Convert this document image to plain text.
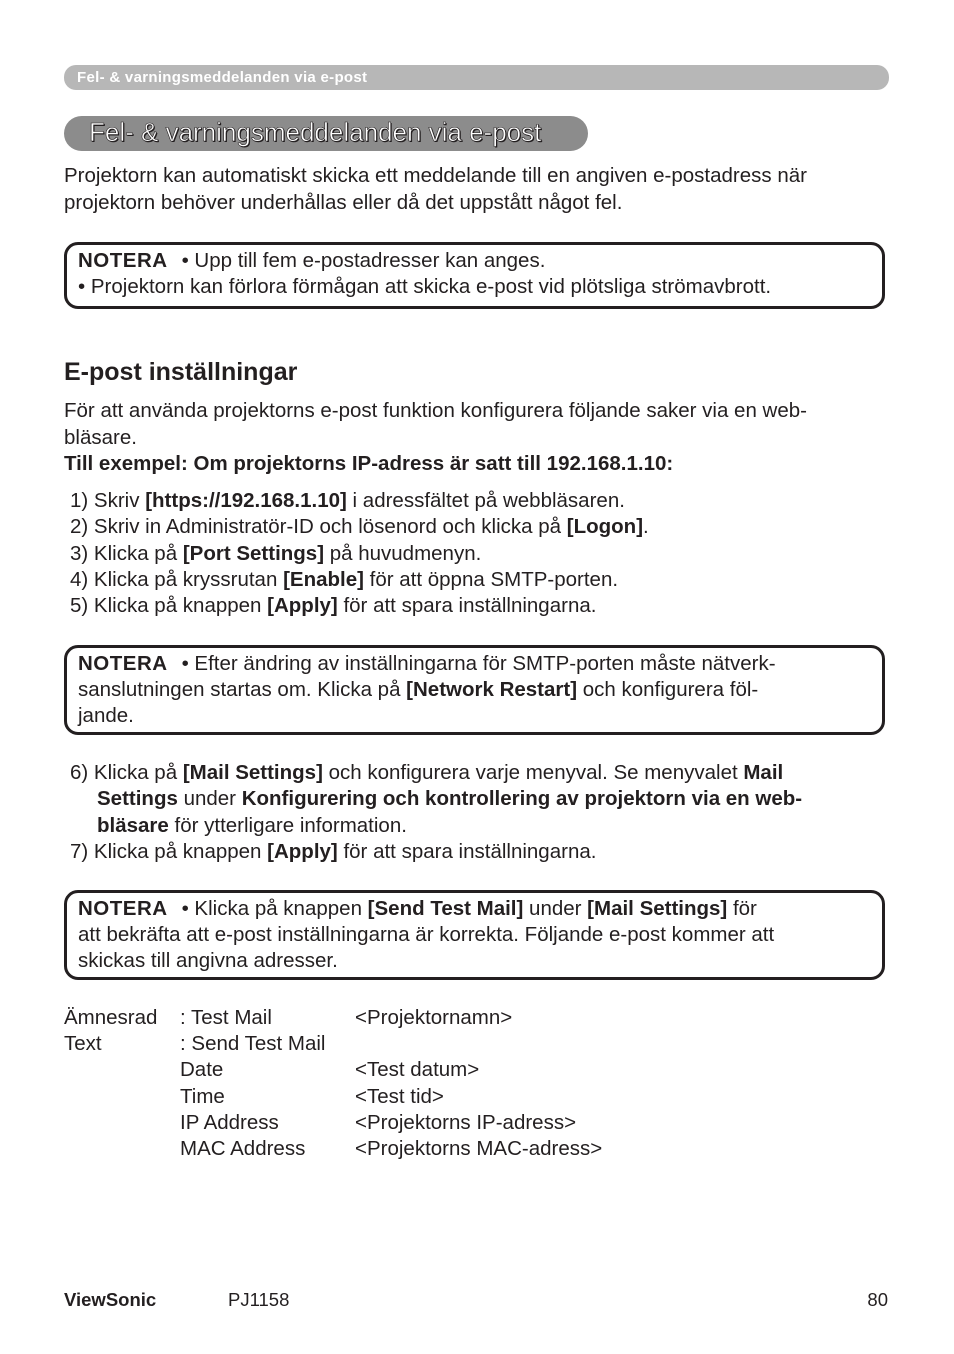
Fel- & varningsmeddelanden via e-post
Fel- & varningsmeddelanden via e-post
Projektorn kan automatiskt skicka ett meddelande till en angiven e-postadress när
projektorn behöver underhållas eller då det uppstått något fel.
NOTERA • Upp till fem e-postadresser kan anges.
• Projektorn kan förlora förmågan att skicka e-post vid plötsliga strömavbrott.
E-post inställningar
För att använda projektorns e-post funktion konfigurera följande saker via en web-
bläsare.
Till exempel: Om projektorns IP-adress är satt till 192.168.1.10:
1) Skriv [https://192.168.1.10] i adressfältet på webbläsaren.
2) Skriv in Administratör-ID och lösenord och klicka på [Logon].
3) Klicka på [Port Settings] på huvudmenyn.
4) Klicka på kryssrutan [Enable] för att öppna SMTP-porten.
5) Klicka på knappen [Apply] för att spara inställningarna.
NOTERA • Efter ändring av inställningarna för SMTP-porten måste nätverk-
sanslutningen startas om. Klicka på [Network Restart] och konfigurera föl-
jande.
6) Klicka på [Mail Settings] och konfigurera varje menyval. Se menyvalet Mail
Settings under Konfigurering och kontrollering av projektorn via en web-
bläsare för ytterligare information.
7) Klicka på knappen [Apply] för att spara inställningarna.
NOTERA • Klicka på knappen [Send Test Mail] under [Mail Settings] för
att bekräfta att e-post inställningarna är korrekta. Följande e-post kommer att
skickas till angivna adresser.
Ämnesrad
Text
: Test Mail
: Send Test Mail
Date
Time
IP Address
MAC Address
<Projektornamn>

<Test datum>
<Test tid>
<Projektorns IP-adress>
<Projektorns MAC-adress>
ViewSonic	PJ1158	80
